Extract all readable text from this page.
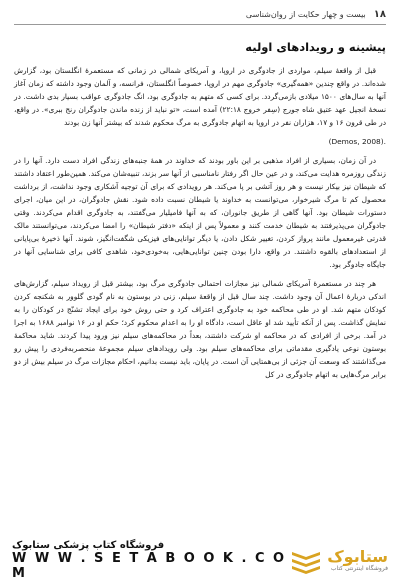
۱۸
بیست و چهار حکایت از روان‌شناسی
پیشینه و رویدادهای اولیه

قبل از واقعهٔ سیلم، مواردی از جادوگری در اروپا، و آمریکای شمالی در زمانی که مستعمرهٔ انگلستان بود، گزارش شده‌اند. در واقع چندین «همه‌گیری» جادوگری مهم در اروپا، خصوصاً انگلستان، فرانسه، و آلمان وجود داشته که زمان آغاز آنها به سال‌های ۱۵۰۰ میلادی بازمی‌گردد. برای کسی که متهم به جادوگری بود، انگ جادوگری عواقب بسیار بدی داشت. در نسخهٔ انجیل عهد عتیق شاه جورج (سِفر خروج ۲۲:۱۸) آمده است، «تو نباید از زنده ماندن جادوگران رنج ببری». در واقع، در طی قرون ۱۶ و ۱۷، هزاران نفر در اروپا به اتهام جادوگری به مرگ محکوم شدند که بیشتر آنها زن بودند

(Demos, 2008).

در آن زمان، بسیاری از افراد مذهبی بر این باور بودند که خداوند در همهٔ جنبه‌های زندگی افراد دست دارد. آنها را در زندگی روزمره هدایت می‌کند، و در عین حال اگر رفتار نامناسبی از آنها سر بزند، تنبیه‌شان می‌کند. همین‌طور اعتقاد داشتند که شیطان نیز بیکار نیست و هر روز آتشی بر پا می‌کند. هر رویدادی که برای آن توجیه آشکاری وجود نداشت، از برداشت محصول کم تا مرگ شیرخوار، می‌توانست به خداوند یا شیطان نسبت داده شود. نقش جادوگران، در این میان، اجرای دستورات شیطان بود. آنها گاهی از طریق جانوران، که به آنها فامیلیار می‌گفتند، به جادوگری اقدام می‌کردند. وقتی جادوگران می‌پذیرفتند به شیطان خدمت کنند و معمولاً پس از اینکه «دفتر شیطان» را امضا می‌کردند، می‌توانستند مالک قدرتی غیرمعمول مانند پرواز کردن، تغییر شکل دادن، یا دیگر توانایی‌های فیزیکی شگفت‌انگیز، شوند. آنها ذخیرهٔ بی‌پایانی از استعدادهای بالقوه داشتند. در واقع، دارا بودن چنین توانایی‌هایی، به‌خودی‌خود، شاهدی کافی برای شناسایی آنها در جایگاه جادوگر بود.

هر چند در مستعمرهٔ آمریکای شمالی نیز مجازات احتمالی جادوگری مرگ بود، بیشتر قبل از رویداد سیلم، گزارش‌های اندکی دربارهٔ اعمال آن وجود داشت. چند سال قبل از واقعهٔ سیلم، زنی در بوستون به نام گودی گلوور به شکنجه کردن کودکان متهم شد. او در طی محاکمه خود به جادوگری اعتراف کرد و حتی روش خود برای ایجاد تشنّج در کودکان را به نمایش گذاشت. پس از آنکه تأیید شد او عاقل است، دادگاه او را به اعدام محکوم کرد؛ حکم او در ۱۶ نوامبر ۱۶۸۸ به اجرا در آمد. برخی از افرادی که در محاکمه او شرکت داشتند، بعداً در محاکمه‌های سیلم نیز ورود پیدا کردند. شاید محاکمهٔ بوستون نوعی یادگیری مقدماتی برای محاکمه‌های سیلم بود. ولی رویدادهای سیلم مجموعهٔ منحصربه‌فردی را پیش رو می‌گذاشتند که وسعت آن جزئی از بی‌همتایی آن است. در پایان، باید نیست بدانیم، احکام مجازات مرگ در سیلم بیش از دو برابر مرگ‌هایی به اتهام جادوگری در کل

ستابوک
فروشگاه اینترنتی کتاب
فروشگاه کتاب پزشکی ستابوک
W W W . S E T A B O O K . C O M
